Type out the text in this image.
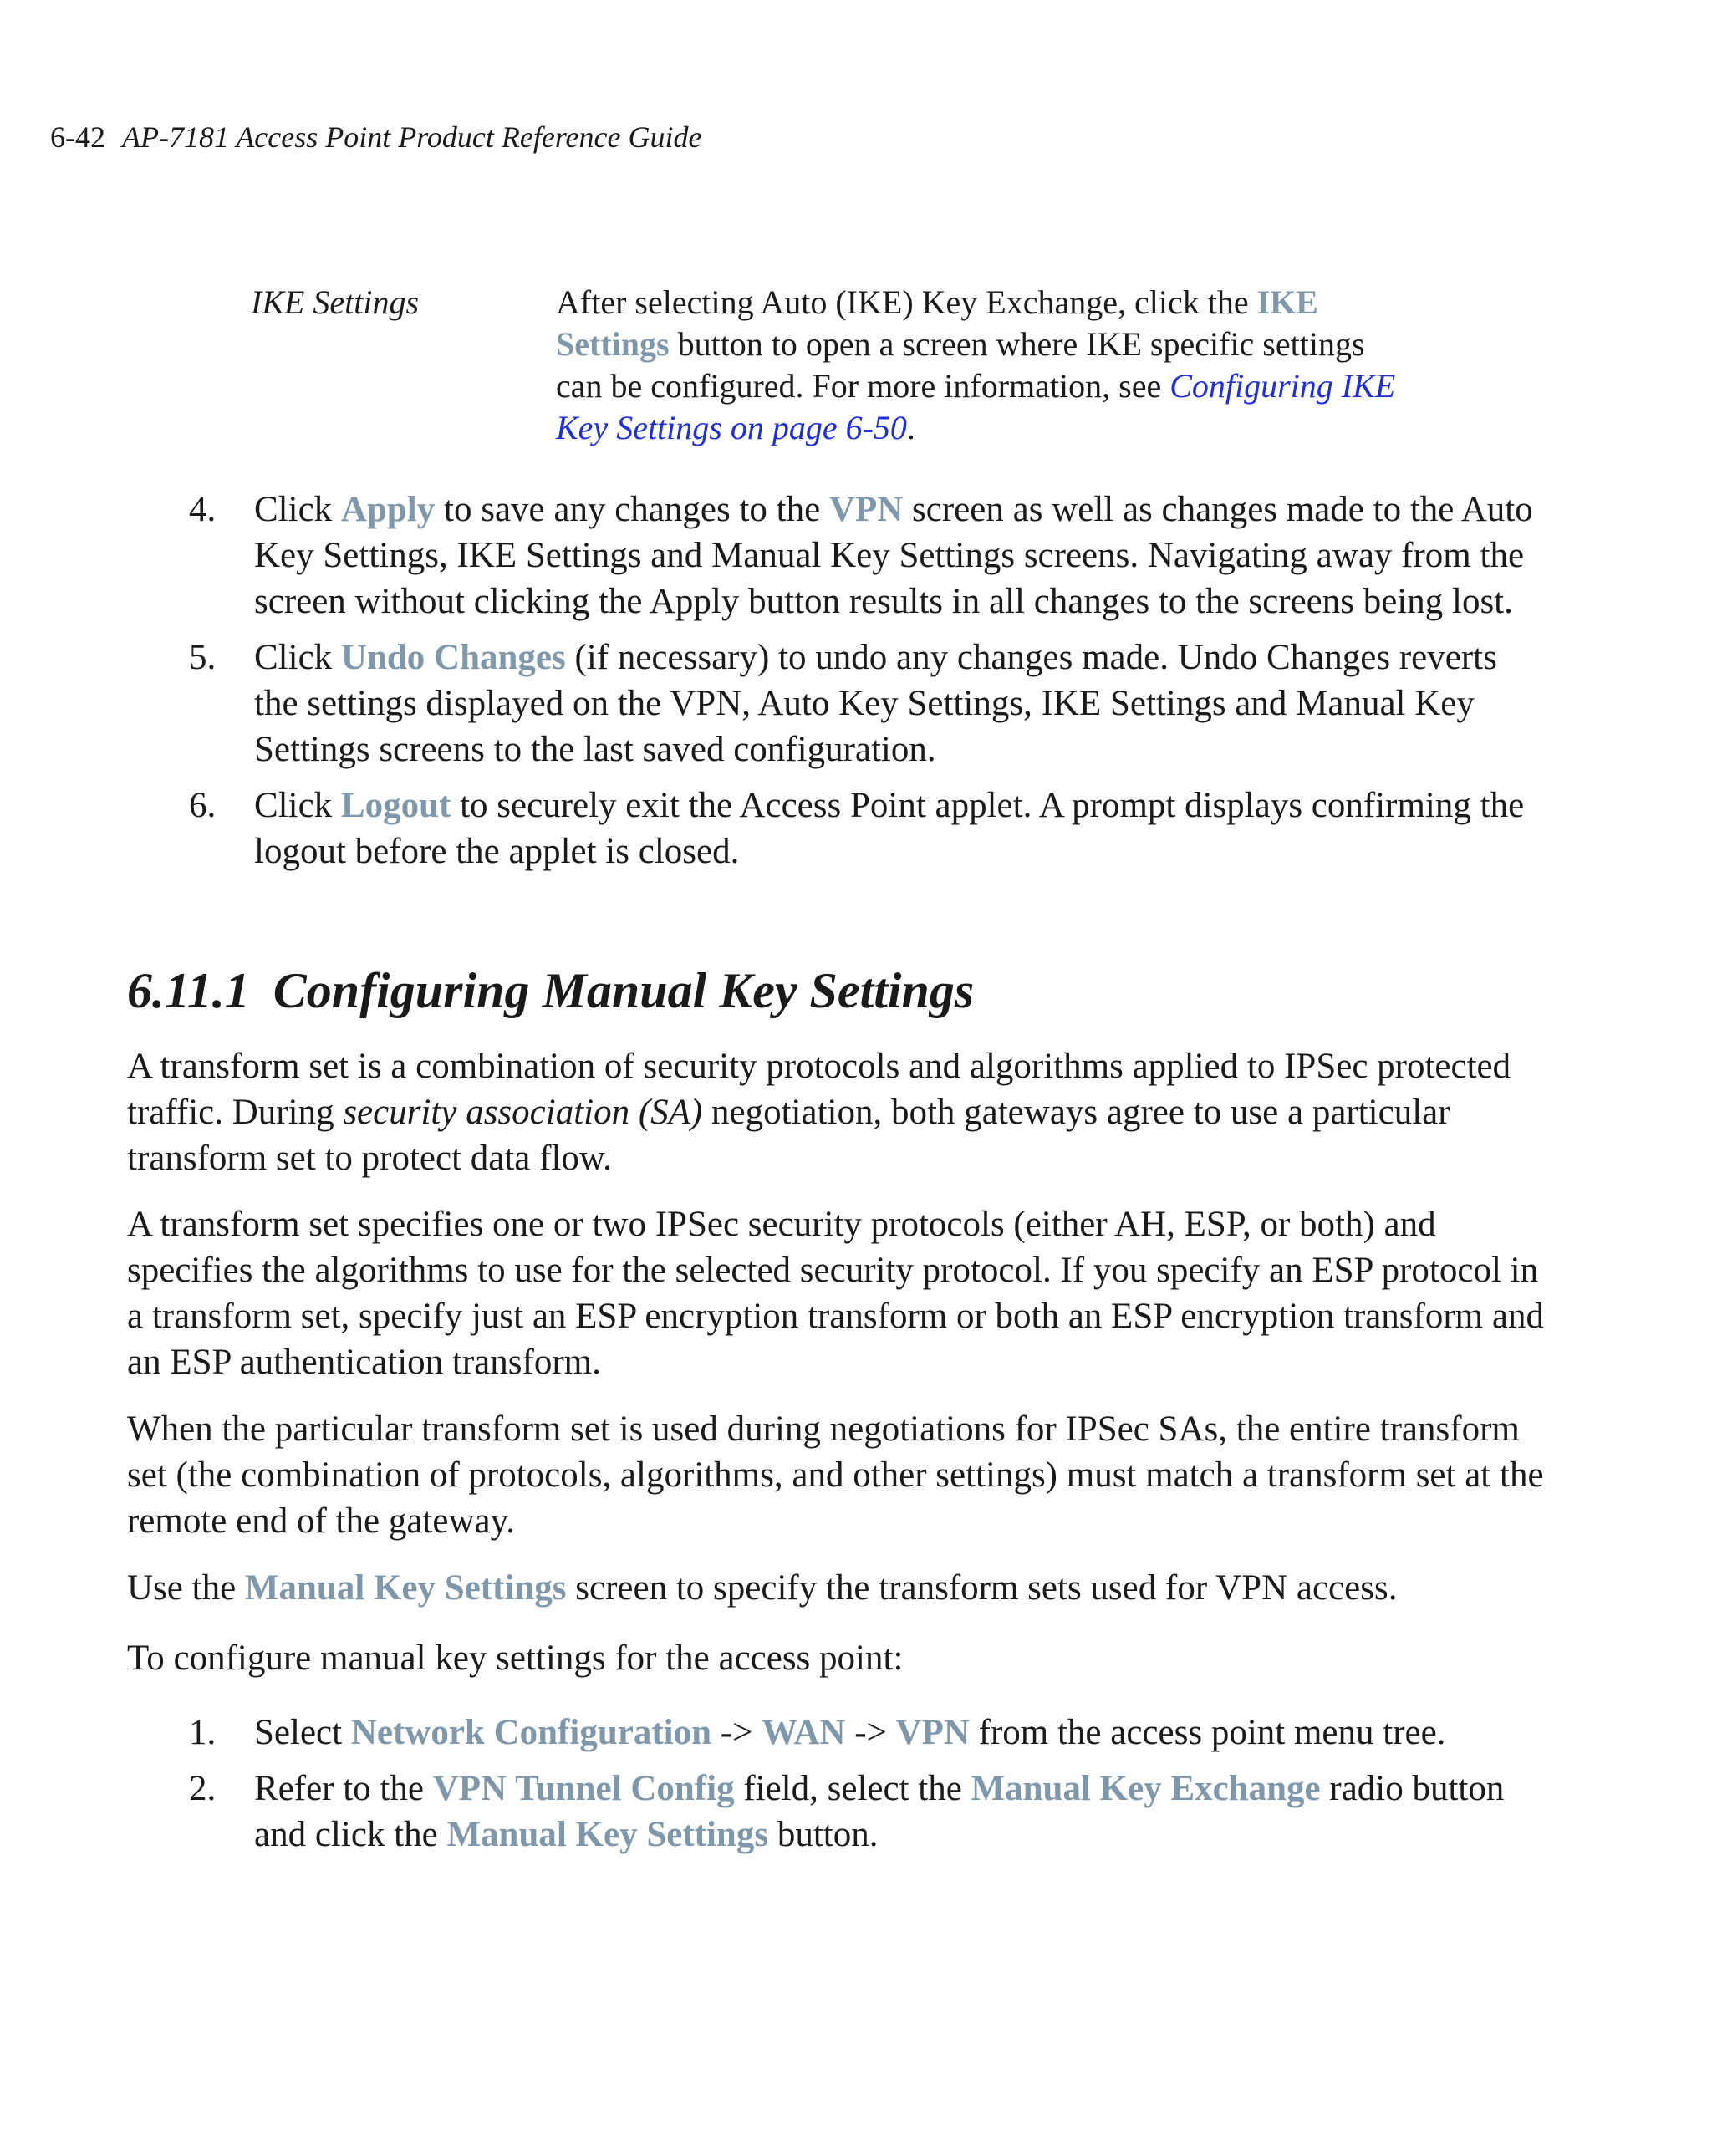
6-42 AP-7181 Access Point Product Reference Guide
IKE Settings	After selecting Auto (IKE) Key Exchange, click the IKE Settings button to open a screen where IKE specific settings can be configured. For more information, see Configuring IKE Key Settings on page 6-50.
4. Click Apply to save any changes to the VPN screen as well as changes made to the Auto Key Settings, IKE Settings and Manual Key Settings screens. Navigating away from the screen without clicking the Apply button results in all changes to the screens being lost.
5. Click Undo Changes (if necessary) to undo any changes made. Undo Changes reverts the settings displayed on the VPN, Auto Key Settings, IKE Settings and Manual Key Settings screens to the last saved configuration.
6. Click Logout to securely exit the Access Point applet. A prompt displays confirming the logout before the applet is closed.
6.11.1 Configuring Manual Key Settings

A transform set is a combination of security protocols and algorithms applied to IPSec protected traffic. During security association (SA) negotiation, both gateways agree to use a particular transform set to protect data flow.

A transform set specifies one or two IPSec security protocols (either AH, ESP, or both) and specifies the algorithms to use for the selected security protocol. If you specify an ESP protocol in a transform set, specify just an ESP encryption transform or both an ESP encryption transform and an ESP authentication transform.

When the particular transform set is used during negotiations for IPSec SAs, the entire transform set (the combination of protocols, algorithms, and other settings) must match a transform set at the remote end of the gateway.

Use the Manual Key Settings screen to specify the transform sets used for VPN access.

To configure manual key settings for the access point:

1. Select Network Configuration -> WAN -> VPN from the access point menu tree.
2. Refer to the VPN Tunnel Config field, select the Manual Key Exchange radio button and click the Manual Key Settings button.
